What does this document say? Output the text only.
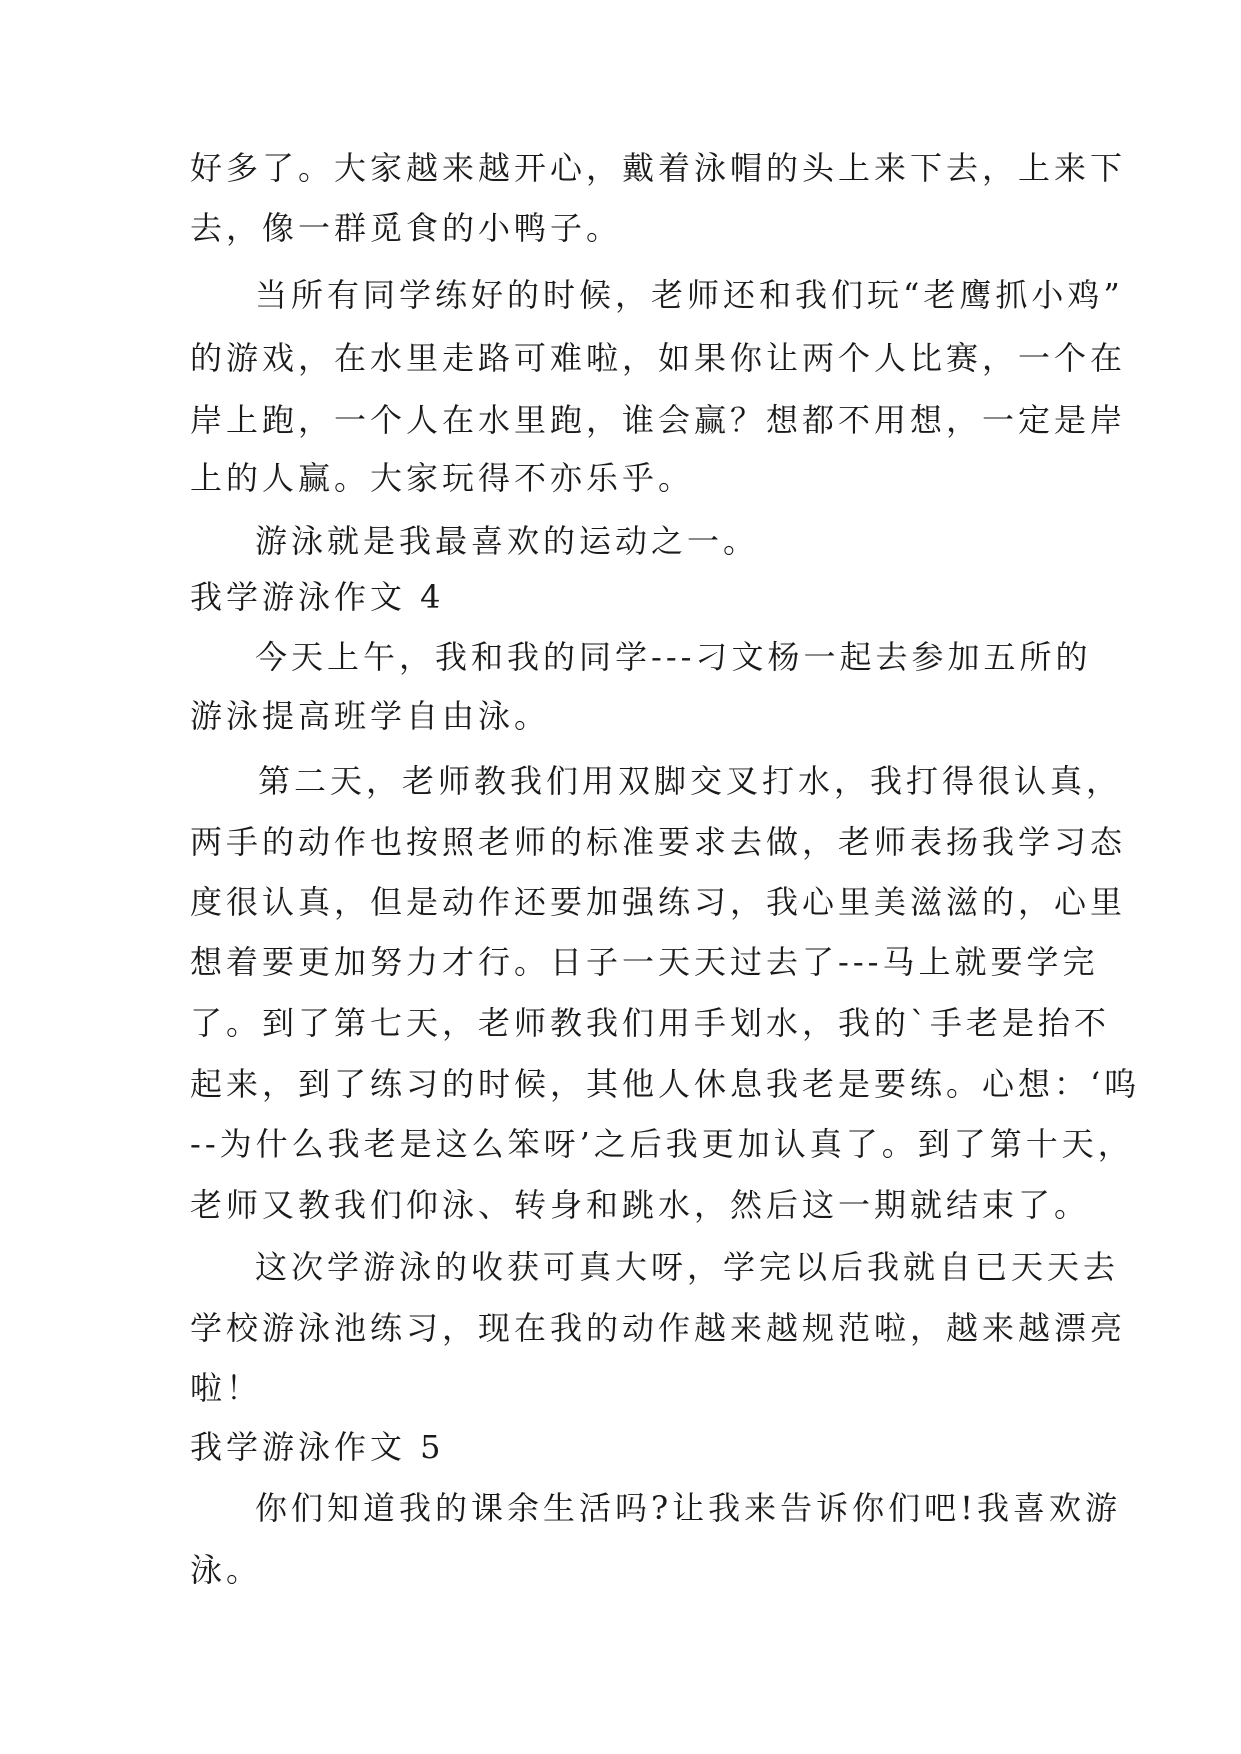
好多了。大家越来越开心，戴着泳帽的头上来下去，上来下
去，像一群觅食的小鸭子。
当所有同学练好的时候，老师还和我们玩“老鹰抓小鸡”
的游戏，在水里走路可难啦，如果你让两个人比赛，一个在
岸上跑，一个人在水里跑，谁会赢？想都不用想，一定是岸
上的人赢。大家玩得不亦乐乎。
游泳就是我最喜欢的运动之一。
我学游泳作文 4
今天上午，我和我的同学---刁文杨一起去参加五所的
游泳提高班学自由泳。
第二天，老师教我们用双脚交叉打水，我打得很认真，
两手的动作也按照老师的标准要求去做，老师表扬我学习态
度很认真，但是动作还要加强练习，我心里美滋滋的，心里
想着要更加努力才行。日子一天天过去了---马上就要学完
了。到了第七天，老师教我们用手划水，我的`手老是抬不
起来，到了练习的时候，其他人休息我老是要练。心想：‘呜
--为什么我老是这么笨呀’之后我更加认真了。到了第十天，
老师又教我们仰泳、转身和跳水，然后这一期就结束了。
这次学游泳的收获可真大呀，学完以后我就自已天天去
学校游泳池练习，现在我的动作越来越规范啦，越来越漂亮
啦！
我学游泳作文 5
你们知道我的课余生活吗?让我来告诉你们吧!我喜欢游
泳。
